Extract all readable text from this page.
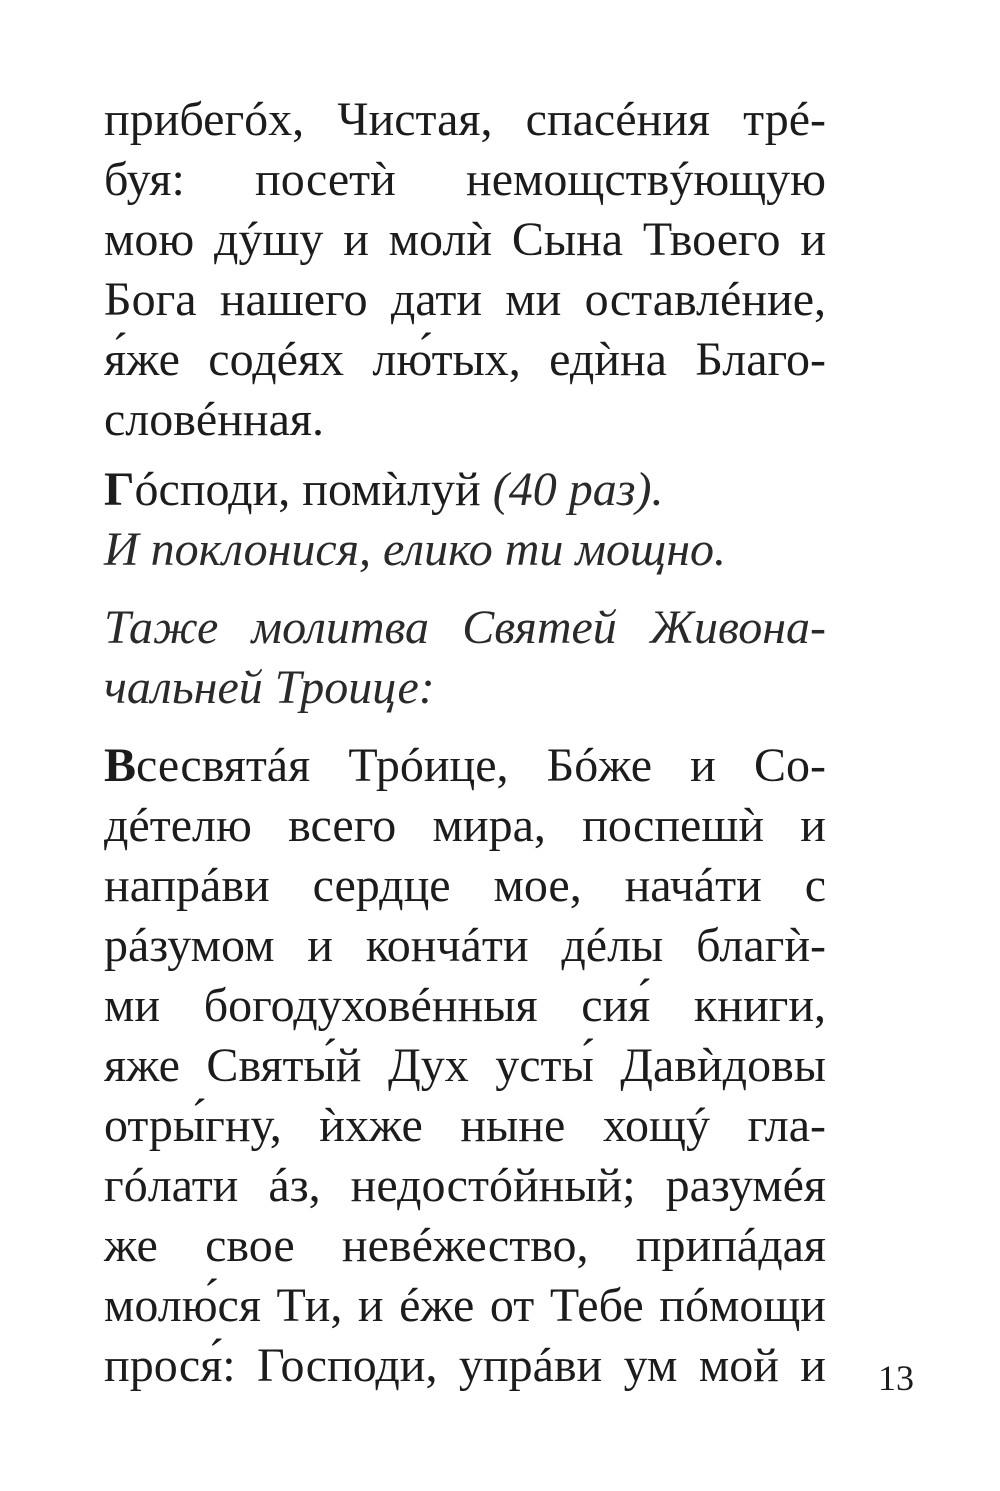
прибегóх, Чистая, спасéния трé-
буя: посетѝ немощствýющую
мою дýшу и молѝ Сына Твоего и
Бога нашего дати ми оставлéние,
я́же содéях лю́тых, едѝна Благо-
словéнная.
Гóсподи, помѝлуй (40 раз).
И поклонися, елико ти мощно.
Таже молитва Святей Живона-
чальней Троице:
Всесвятáя Трóице, Бóже и Со-
дéтелю всего мира, поспешѝ и
напрáви сердце мое, начáти с
рáзумом и кончáти дéлы благѝ-
ми богодуховéнныя сия́ книги,
яже Святы́й Дух усты́ Давѝдовы
отры́гну, ѝхже ныне хощý гла-
гóлати áз, недостóйный; разумéя
же свое невéжество, припáдая
молю́ся Ти, и éже от Тебе пóмощи
прося́: Господи, упрáви ум мой и 13
